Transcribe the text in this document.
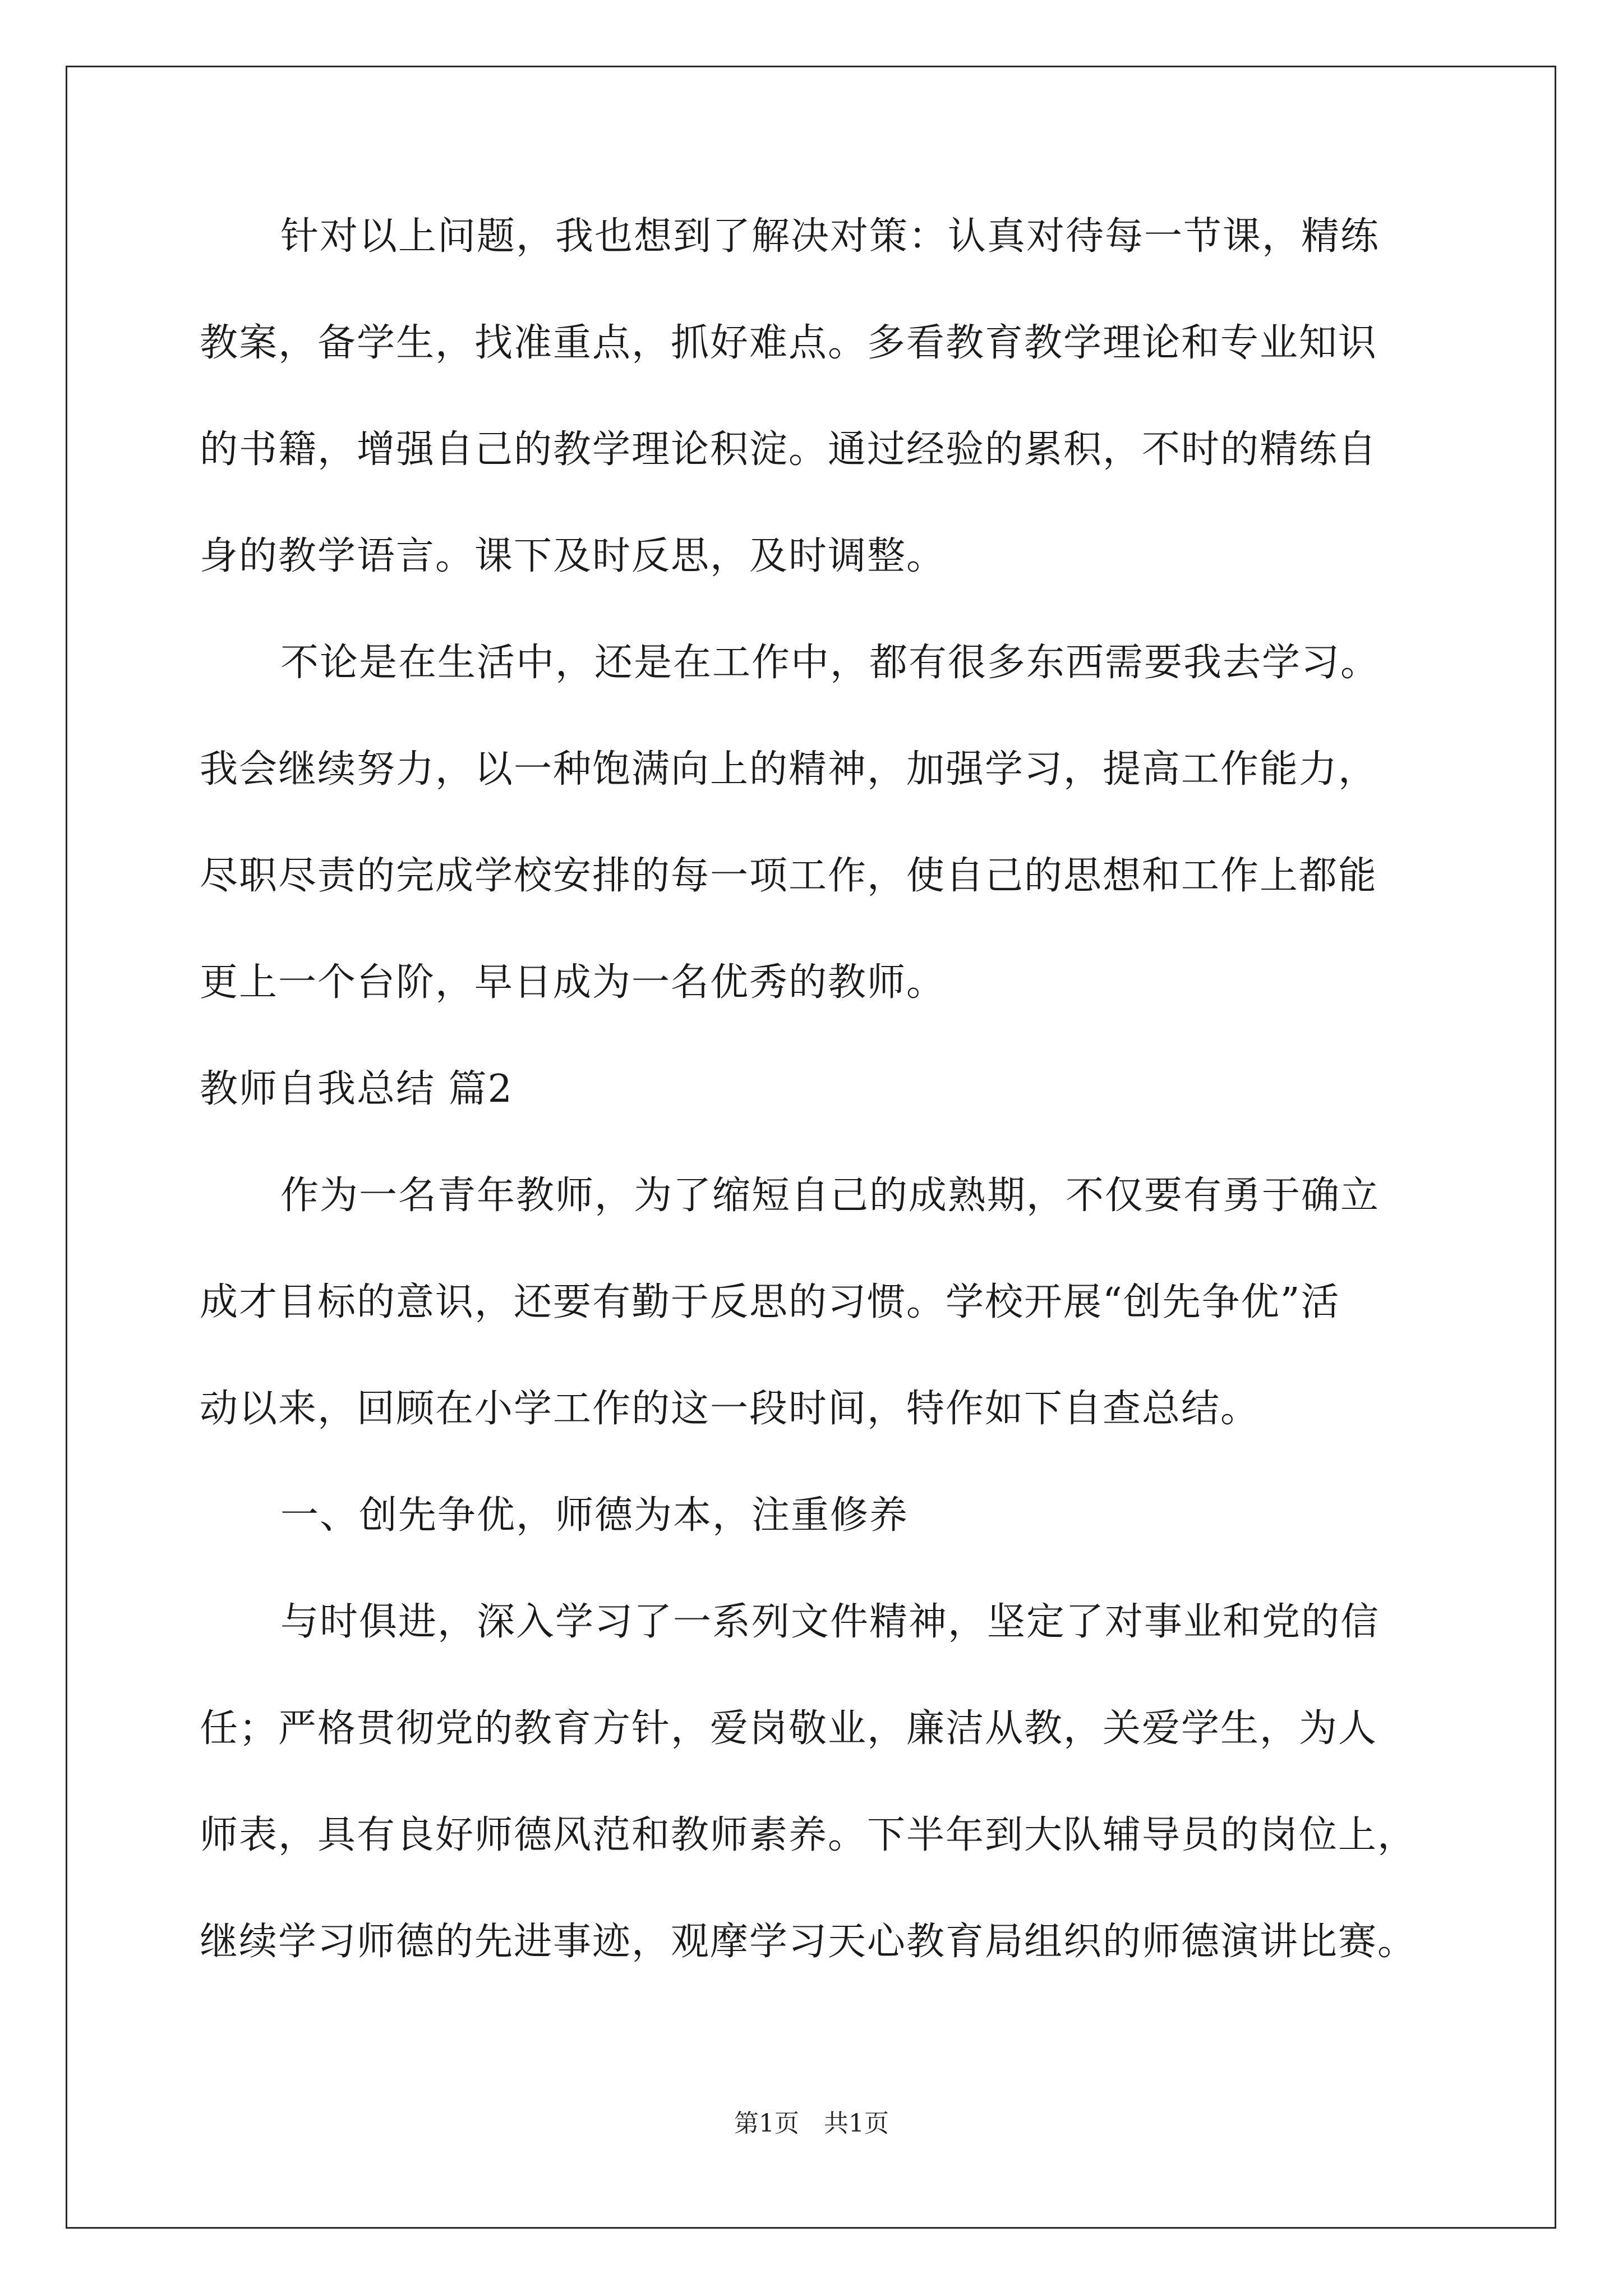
针对以上问题，我也想到了解决对策：认真对待每一节课，精练
教案，备学生，找准重点，抓好难点。多看教育教学理论和专业知识
的书籍，增强自己的教学理论积淀。通过经验的累积，不时的精练自
身的教学语言。课下及时反思，及时调整。
不论是在生活中，还是在工作中，都有很多东西需要我去学习。
我会继续努力，以一种饱满向上的精神，加强学习，提高工作能力，
尽职尽责的完成学校安排的每一项工作，使自己的思想和工作上都能
更上一个台阶，早日成为一名优秀的教师。
教师自我总结 篇2
作为一名青年教师，为了缩短自己的成熟期，不仅要有勇于确立
成才目标的意识，还要有勤于反思的习惯。学校开展“创先争优”活
动以来，回顾在小学工作的这一段时间，特作如下自查总结。
一、创先争优，师德为本，注重修养
与时俱进，深入学习了一系列文件精神，坚定了对事业和党的信
任；严格贯彻党的教育方针，爱岗敬业，廉洁从教，关爱学生，为人
师表，具有良好师德风范和教师素养。下半年到大队辅导员的岗位上，
继续学习师德的先进事迹，观摩学习天心教育局组织的师德演讲比赛。
第1页　共1页
